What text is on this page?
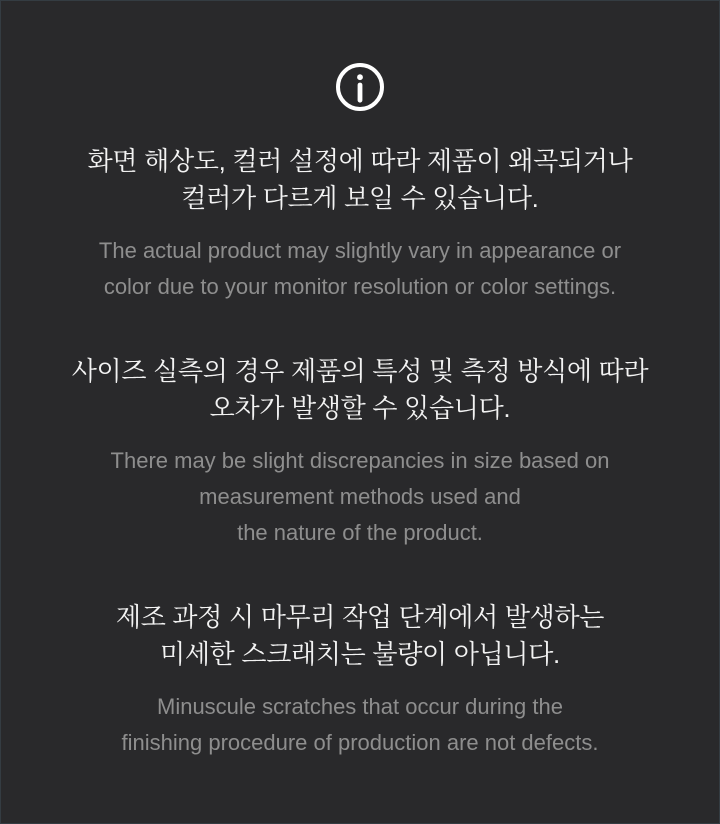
화면 해상도, 컬러 설정에 따라 제품이 왜곡되거나
컬러가 다르게 보일 수 있습니다.

The actual product may slightly vary in appearance or
color due to your monitor resolution or color settings.

사이즈 실측의 경우 제품의 특성 및 측정 방식에 따라
오차가 발생할 수 있습니다.

There may be slight discrepancies in size based on
measurement methods used and
the nature of the product.

제조 과정 시 마무리 작업 단계에서 발생하는
미세한 스크래치는 불량이 아닙니다.

Minuscule scratches that occur during the
finishing procedure of production are not defects.
